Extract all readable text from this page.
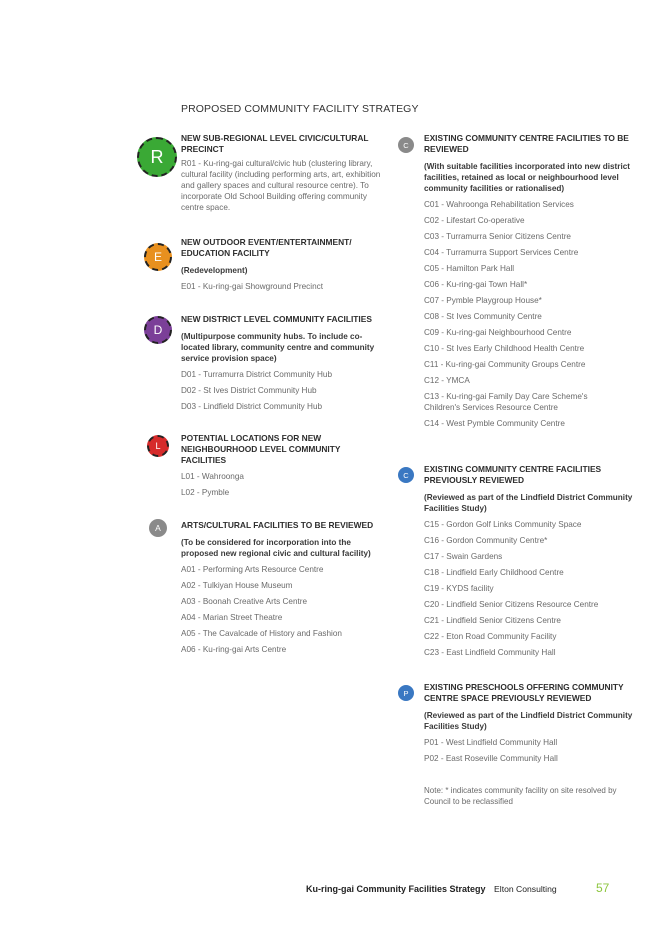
PROPOSED COMMUNITY FACILITY STRATEGY
R
NEW SUB-REGIONAL LEVEL CIVIC/CULTURAL PRECINCT
R01 - Ku-ring-gai cultural/civic hub (clustering library, cultural facility (including performing arts, art, exhibition and gallery spaces and cultural resource centre). To incorporate Old School Building offering community centre space.
E
NEW OUTDOOR EVENT/ENTERTAINMENT/ EDUCATION FACILITY
(Redevelopment)
E01 - Ku-ring-gai Showground Precinct
D
NEW DISTRICT LEVEL COMMUNITY FACILITIES
(Multipurpose community hubs. To include co-located library, community centre and community service provision space)
D01 - Turramurra District Community Hub
D02 - St Ives District Community Hub
D03 - Lindfield District Community Hub
L
POTENTIAL LOCATIONS FOR NEW NEIGHBOURHOOD LEVEL COMMUNITY FACILITIES
L01 - Wahroonga
L02 - Pymble
A	ARTS/CULTURAL FACILITIES TO BE REVIEWED
(To be considered for incorporation into the proposed new regional civic and cultural facility)
A01 - Performing Arts Resource Centre
A02 - Tulkiyan House Museum
A03 - Boonah Creative Arts Centre
A04 - Marian Street Theatre
A05 - The Cavalcade of History and Fashion
A06 - Ku-ring-gai Arts Centre
C
EXISTING COMMUNITY CENTRE FACILITIES TO BE REVIEWED
(With suitable facilities incorporated into new district facilities, retained as local or neighbourhood level community facilities or rationalised)
C01 - Wahroonga Rehabilitation Services
C02 - Lifestart Co-operative
C03 - Turramurra Senior Citizens Centre
C04 - Turramurra Support Services Centre
C05 - Hamilton Park Hall
C06 - Ku-ring-gai Town Hall*
C07 - Pymble Playgroup House*
C08 - St Ives Community Centre
C09 - Ku-ring-gai Neighbourhood Centre
C10 - St Ives Early Childhood Health Centre
C11 - Ku-ring-gai Community Groups Centre
C12 - YMCA
C13 - Ku-ring-gai Family Day Care Scheme's Children's Services Resource Centre
C14 - West Pymble Community Centre
C
EXISTING COMMUNITY CENTRE FACILITIES PREVIOUSLY REVIEWED
(Reviewed as part of the Lindfield District Community Facilities Study)
C15 - Gordon Golf Links Community Space
C16 - Gordon Community Centre*
C17 - Swain Gardens
C18 - Lindfield Early Childhood Centre
C19 - KYDS facility
C20 - Lindfield Senior Citizens Resource Centre
C21 - Lindfield Senior Citizens Centre
C22 - Eton Road Community Facility
C23 - East Lindfield Community Hall
P
EXISTING PRESCHOOLS OFFERING COMMUNITY CENTRE SPACE PREVIOUSLY REVIEWED
(Reviewed as part of the Lindfield District Community Facilities Study)
P01 - West Lindfield Community Hall
P02 - East Roseville Community Hall
Note: * indicates community facility on site resolved by Council to be reclassified
Ku-ring-gai Community Facilities Strategy Elton Consulting	57
